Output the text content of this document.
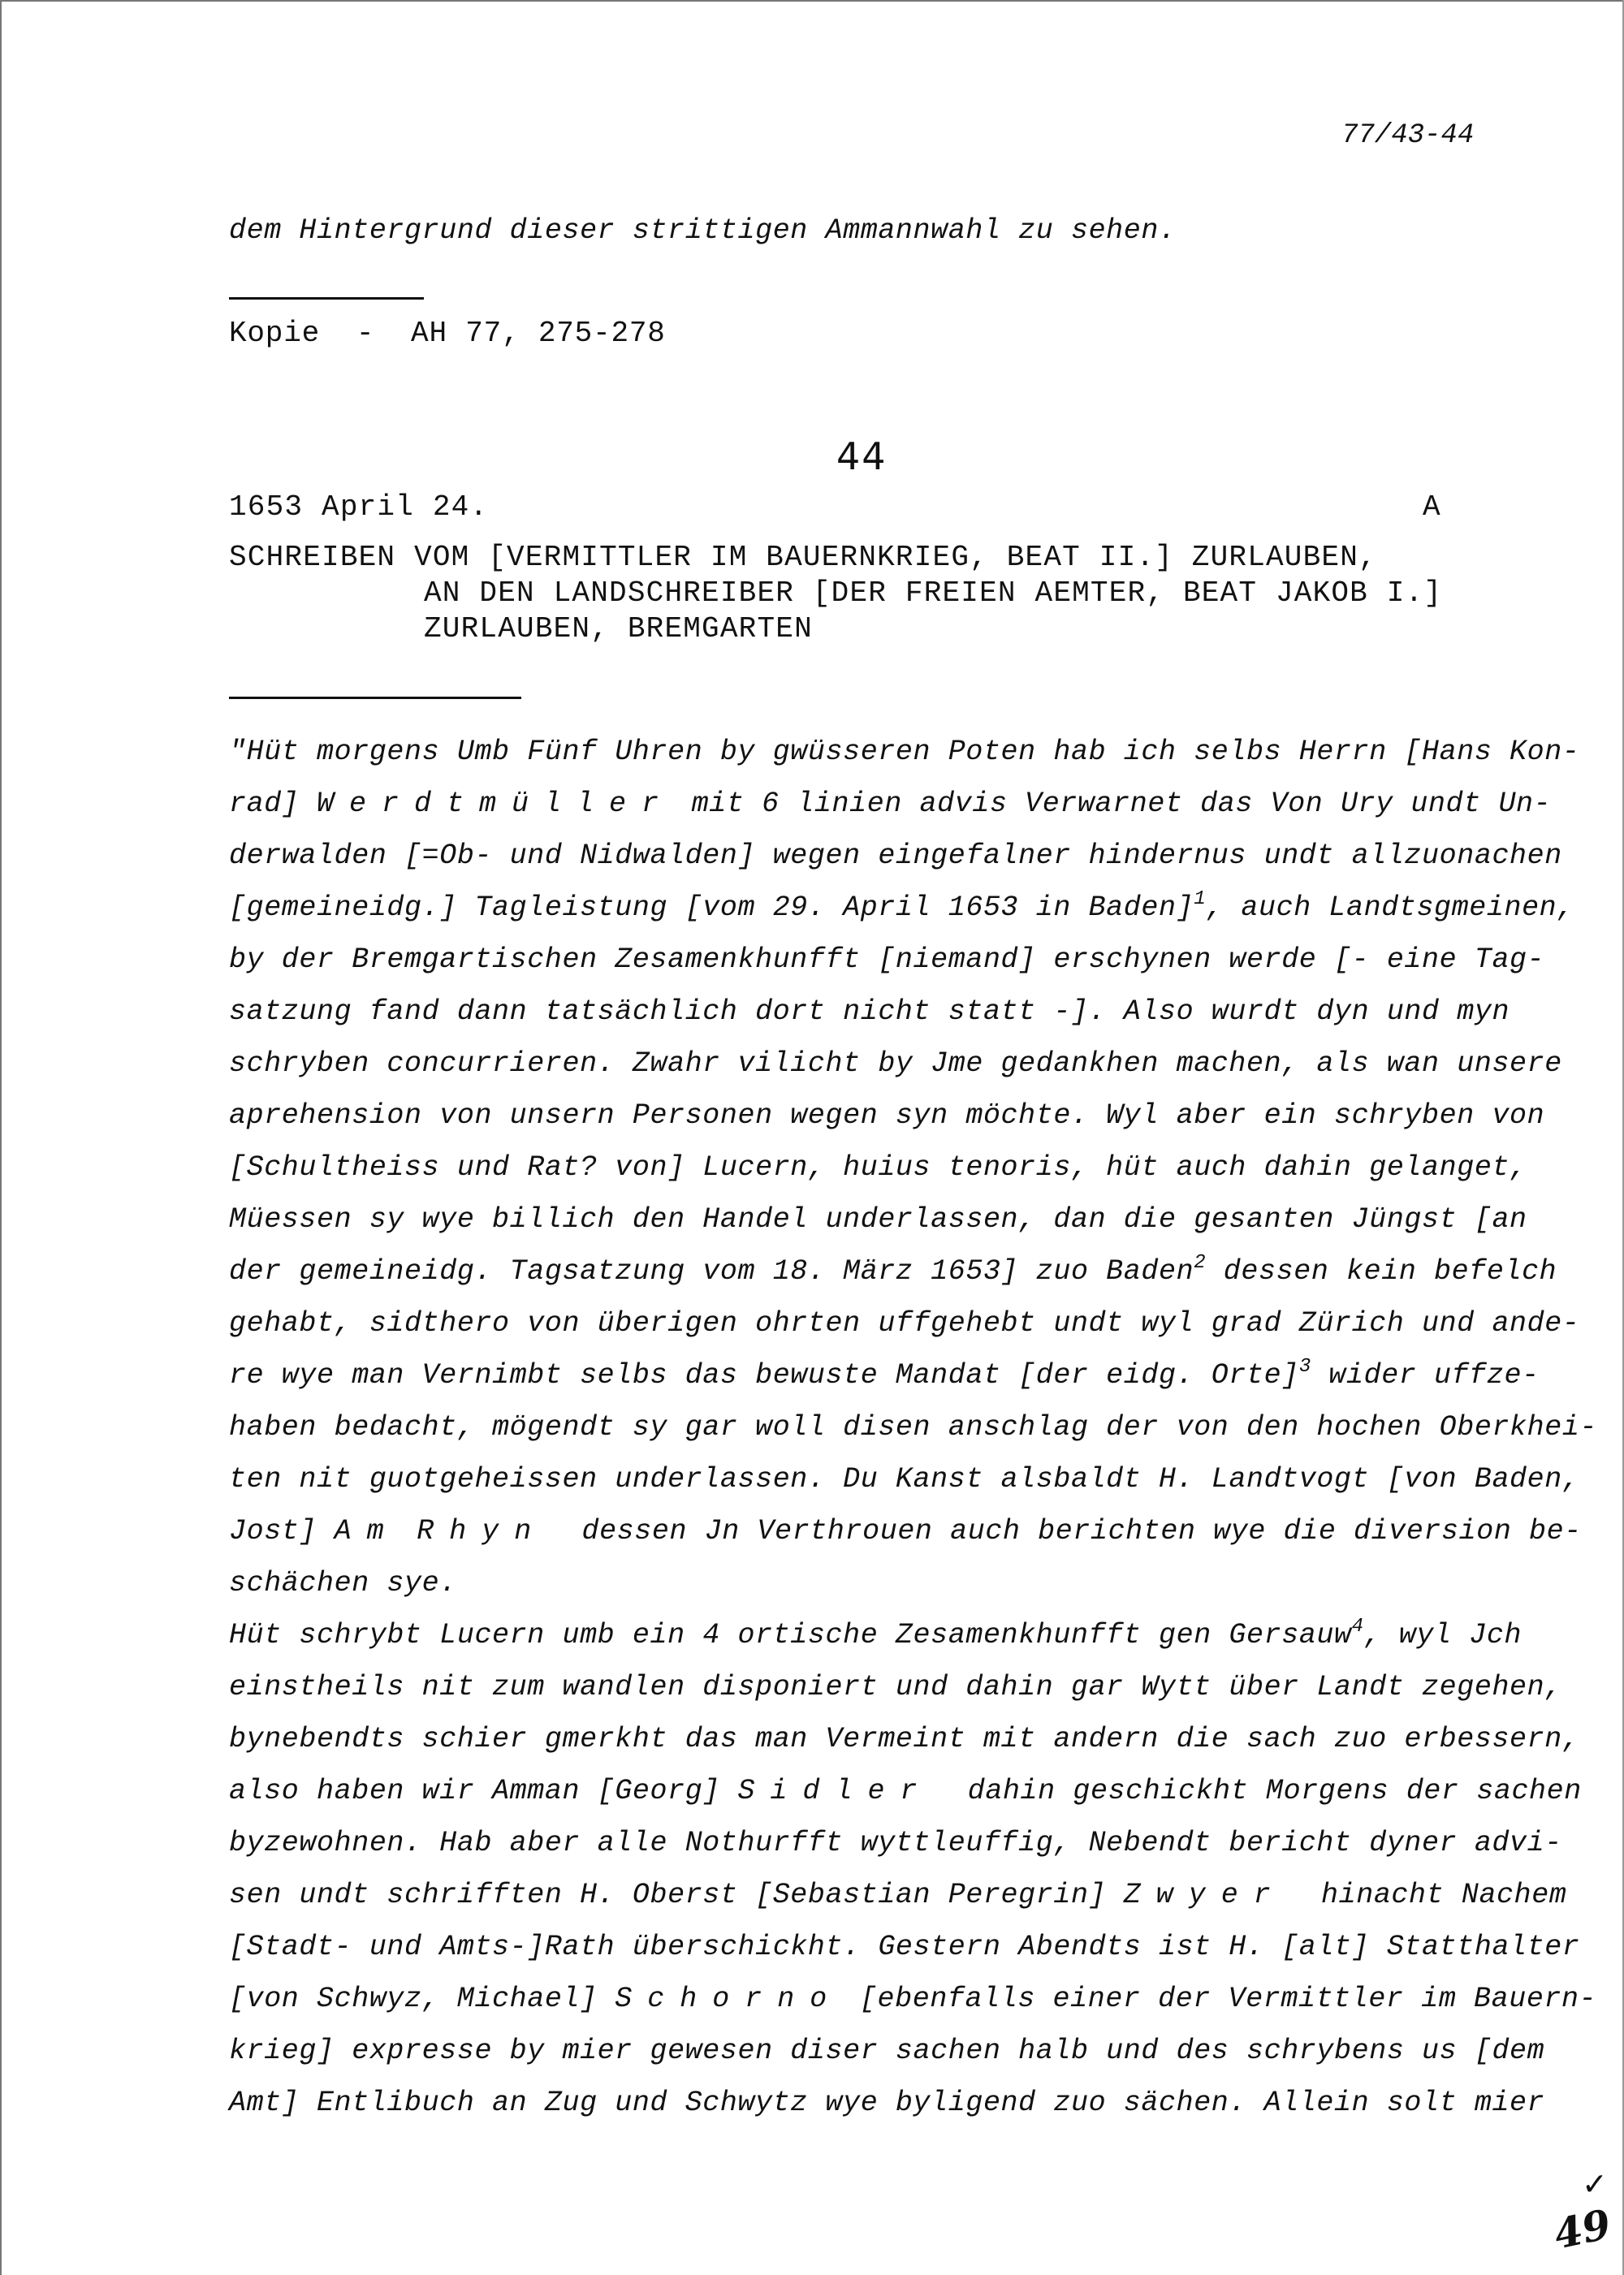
77/43-44
dem Hintergrund dieser strittigen Ammannwahl zu sehen.
Kopie  -  AH 77, 275-278
44
1653 April 24.	A
SCHREIBEN VOM [VERMITTLER IM BAUERNKRIEG, BEAT II.] ZURLAUBEN,
AN DEN LANDSCHREIBER [DER FREIEN AEMTER, BEAT JAKOB I.]
ZURLAUBEN, BREMGARTEN
"Hüt morgens Umb Fünf Uhren by gwüsseren Poten hab ich selbs Herrn [Hans Kon-
rad] Werdtmüller mit 6 linien advis Verwarnet das Von Ury undt Un-
derwalden [=Ob- und Nidwalden] wegen eingefalner hindernus undt allzuonachen
[gemeineidg.] Tagleistung [vom 29. April 1653 in Baden]$^1$, auch Landtsgmeinen,
by der Bremgartischen Zesamenkhunfft [niemand] erschynen werde [- eine Tag-
satzung fand dann tatsächlich dort nicht statt -]. Also wurdt dyn und myn
schryben concurrieren. Zwahr vilicht by Jme gedankhen machen, als wan unsere
aprehension von unsern Personen wegen syn möchte. Wyl aber ein schryben von
[Schultheiss und Rat? von] Lucern, huius tenoris, hüt auch dahin gelanget,
Müessen sy wye billich den Handel underlassen, dan die gesanten Jüngst [an
der gemeineidg. Tagsatzung vom 18. März 1653] zuo Baden$^2$ dessen kein befelch
gehabt, sidthero von überigen ohrten uffgehebt undt wyl grad Zürich und ande-
re wye man Vernimbt selbs das bewuste Mandat [der eidg. Orte]$^3$ wider uffze-
haben bedacht, mögendt sy gar woll disen anschlag der von den hochen Oberkhei-
ten nit guotgeheissen underlassen. Du Kanst alsbaldt H. Landtvogt [von Baden,
Jost] Am Rhyn  dessen Jn Verthrouen auch berichten wye die diversion be-
schächen sye.
Hüt schrybt Lucern umb ein 4 ortische Zesamenkhunfft gen Gersauw$^4$, wyl Jch
einstheils nit zum wandlen disponiert und dahin gar Wytt über Landt zegehen,
bynebendts schier gmerkht das man Vermeint mit andern die sach zuo erbessern,
also haben wir Amman [Georg] Sidler  dahin geschickht Morgens der sachen
byzewohnen. Hab aber alle Nothurfft wyttleuffig, Nebendt bericht dyner advi-
sen undt schrifften H. Oberst [Sebastian Peregrin] Zwyer  hinacht Nachem
[Stadt- und Amts-]Rath überschickht. Gestern Abendts ist H. [alt] Statthalter
[von Schwyz, Michael] Schorno [ebenfalls einer der Vermittler im Bauern-
krieg] expresse by mier gewesen diser sachen halb und des schrybens us [dem
Amt] Entlibuch an Zug und Schwytz wye byligend zuo sächen. Allein solt mier
✓
49
